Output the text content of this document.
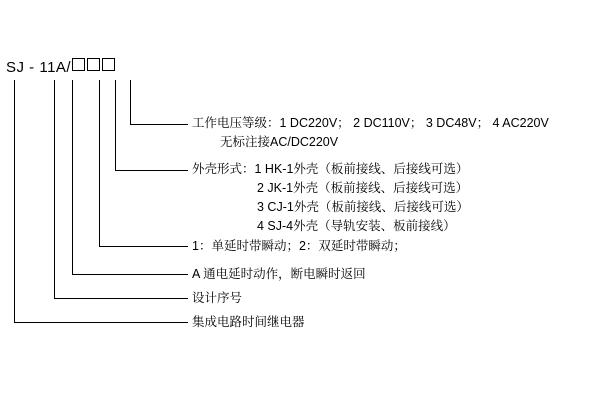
SJ - 11A/
工作电压等级：1 DC220V； 2 DC110V； 3 DC48V； 4 AC220V
无标注接AC/DC220V
外壳形式：1 HK-1外壳（板前接线、后接线可选）
2 JK-1外壳（板前接线、后接线可选）
3 CJ-1外壳（板前接线、后接线可选）
4 SJ-4外壳（导轨安装、板前接线）
1：单延时带瞬动；2：双延时带瞬动；
A 通电延时动作，断电瞬时返回
设计序号
集成电路时间继电器
